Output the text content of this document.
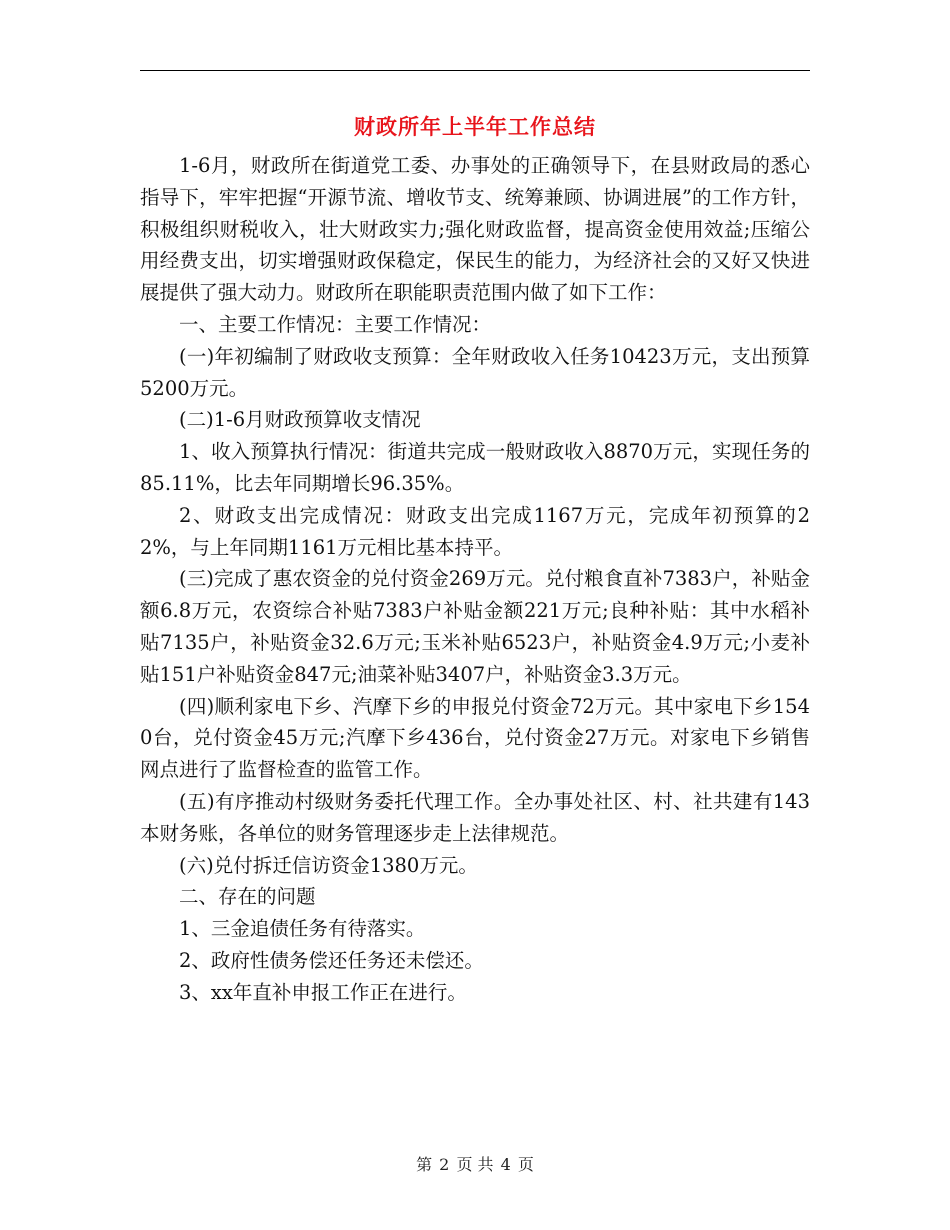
财政所年上半年工作总结

1-6月，财政所在街道党工委、办事处的正确领导下，在县财政局的悉心指导下，牢牢把握“开源节流、增收节支、统筹兼顾、协调进展”的工作方针，积极组织财税收入，壮大财政实力;强化财政监督，提高资金使用效益;压缩公用经费支出，切实增强财政保稳定，保民生的能力，为经济社会的又好又快进展提供了强大动力。财政所在职能职责范围内做了如下工作：

一、主要工作情况：主要工作情况：

(一)年初编制了财政收支预算：全年财政收入任务10423万元，支出预算5200万元。

(二)1-6月财政预算收支情况

1、收入预算执行情况：街道共完成一般财政收入8870万元，实现任务的85.11%，比去年同期增长96.35%。

2、财政支出完成情况：财政支出完成1167万元，完成年初预算的22%，与上年同期1161万元相比基本持平。

(三)完成了惠农资金的兑付资金269万元。兑付粮食直补7383户，补贴金额6.8万元，农资综合补贴7383户补贴金额221万元;良种补贴：其中水稻补贴7135户，补贴资金32.6万元;玉米补贴6523户，补贴资金4.9万元;小麦补贴151户补贴资金847元;油菜补贴3407户，补贴资金3.3万元。

(四)顺利家电下乡、汽摩下乡的申报兑付资金72万元。其中家电下乡1540台，兑付资金45万元;汽摩下乡436台，兑付资金27万元。对家电下乡销售网点进行了监督检查的监管工作。

(五)有序推动村级财务委托代理工作。全办事处社区、村、社共建有143本财务账，各单位的财务管理逐步走上法律规范。

(六)兑付拆迁信访资金1380万元。

二、存在的问题

1、三金追债任务有待落实。

2、政府性债务偿还任务还未偿还。

3、xx年直补申报工作正在进行。

第 2 页 共 4 页
